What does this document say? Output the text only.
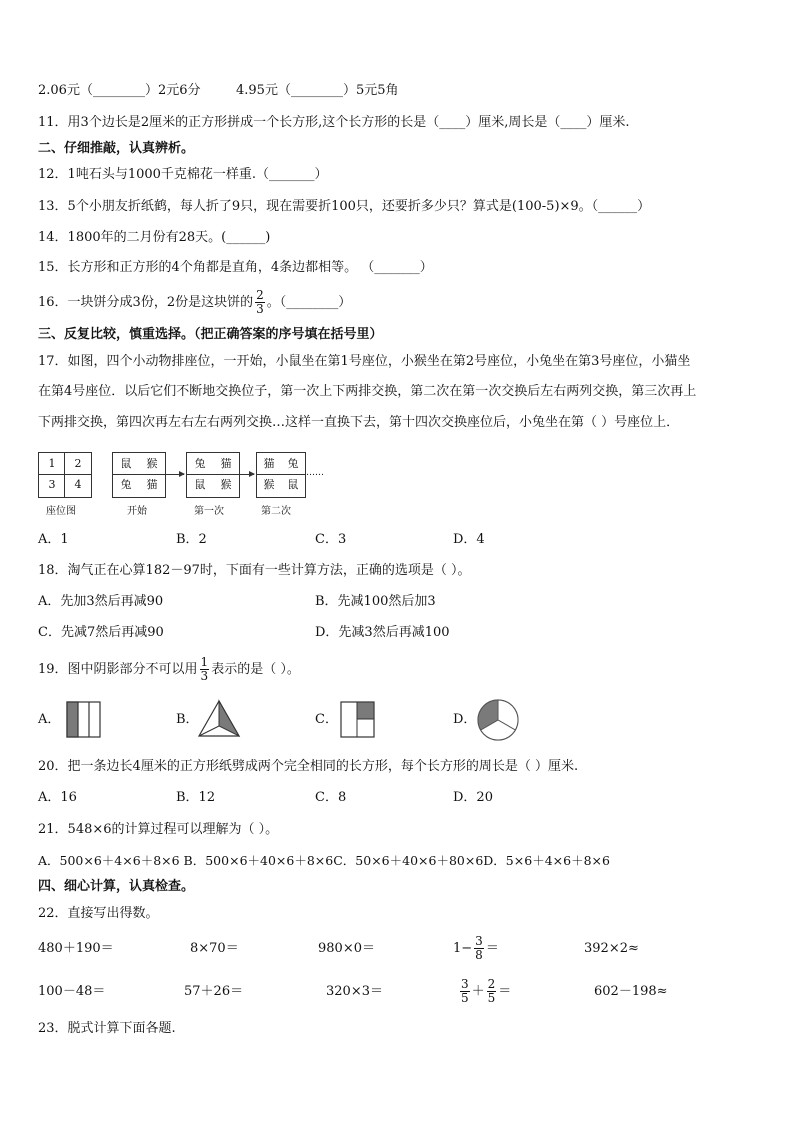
2.06元（________）2元6分	4.95元（________）5元5角
11．用3个边长是2厘米的正方形拼成一个长方形,这个长方形的长是（____）厘米,周长是（____）厘米.
二、仔细推敲，认真辨析。
12．1吨石头与1000千克棉花一样重.（_______）
13．5个小朋友折纸鹤，每人折了9只，现在需要折100只，还要折多少只？算式是(100-5)×9。（______）
14．1800年的二月份有28天。(______)
15．长方形和正方形的4个角都是直角，4条边都相等。 （_______）
16．一块饼分成3份，2份是这块饼的 $\frac{2}{3}$ 。（________）
三、反复比较，慎重选择。（把正确答案的序号填在括号里）
17．如图，四个小动物排座位，一开始，小鼠坐在第1号座位，小猴坐在第2号座位，小兔坐在第3号座位，小猫坐
在第4号座位．以后它们不断地交换位子，第一次上下两排交换，第二次在第一次交换后左右两列交换，第三次再上
下两排交换，第四次再左右左右两列交换…这样一直换下去，第十四次交换座位后，小兔坐在第（ ）号座位上．
1	2
3	4
座位图
鼠	猴
兔	猫
开始
兔	猫
鼠	猴
第一次
猫	兔
猴	鼠
第二次
……
A．1	B．2	C．3	D．4
18．淘气正在心算182－97时，下面有一些计算方法，正确的选项是（ ）。
A．先加3然后再减90	B．先减100然后加3
C．先减7然后再减90	D．先减3然后再减100
19．图中阴影部分不可以用 $\frac{1}{3}$ 表示的是（ ）。
A．	B．	C．	D．
20．把一条边长4厘米的正方形纸劈成两个完全相同的长方形，每个长方形的周长是（ ）厘米.
A．16	B．12	C．8	D．20
21．548×6的计算过程可以理解为（ ）。
A．500×6＋4×6＋8×6 B．500×6＋40×6＋8×6C．50×6＋40×6＋80×6D．5×6＋4×6＋8×6
四、细心计算，认真检查。
22．直接写出得数。
480＋190＝	8×70＝	980×0＝	$1- \frac{3}{8}$ ＝	392×2≈
100－48＝	57＋26＝	320×3＝	$\frac{3}{5} + \frac{2}{5}$ ＝	602－198≈
23．脱式计算下面各题.
